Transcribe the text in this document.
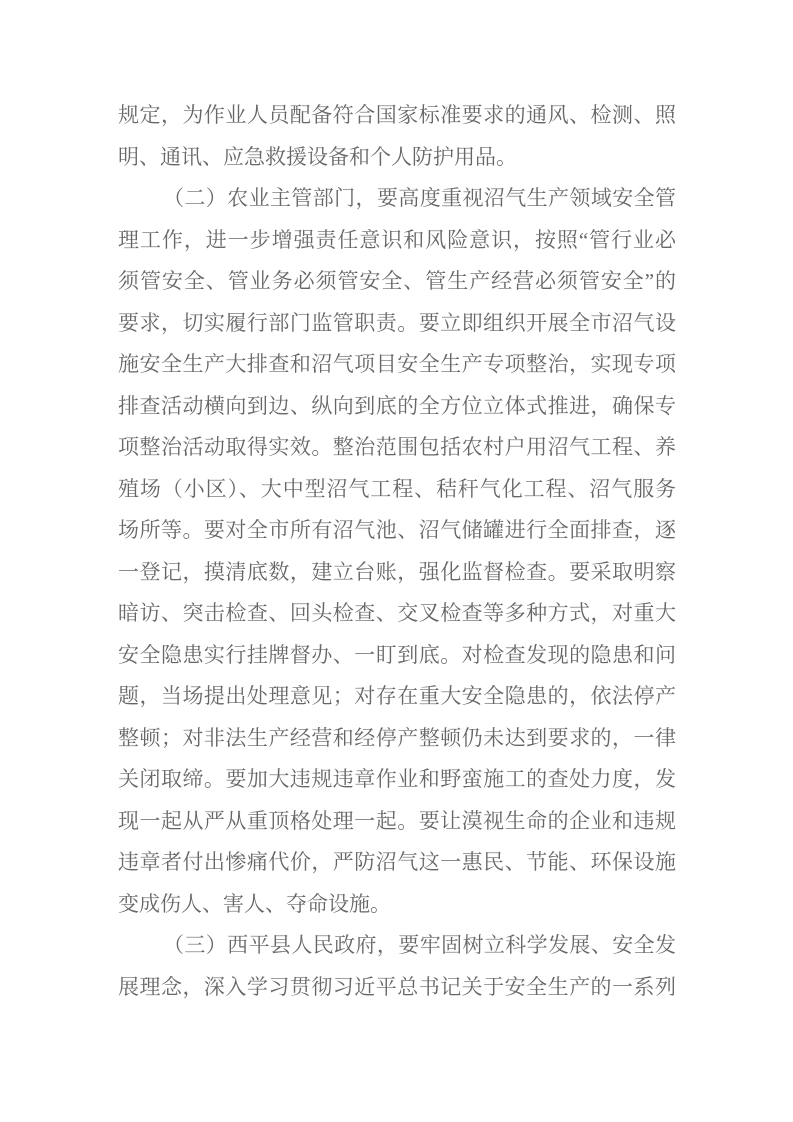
规定，为作业人员配备符合国家标准要求的通风、检测、照
明、通讯、应急救援设备和个人防护用品。
（二）农业主管部门，要高度重视沼气生产领域安全管
理工作，进一步增强责任意识和风险意识，按照“管行业必
须管安全、管业务必须管安全、管生产经营必须管安全”的
要求，切实履行部门监管职责。要立即组织开展全市沼气设
施安全生产大排查和沼气项目安全生产专项整治，实现专项
排查活动横向到边、纵向到底的全方位立体式推进，确保专
项整治活动取得实效。整治范围包括农村户用沼气工程、养
殖场（小区）、大中型沼气工程、秸秆气化工程、沼气服务
场所等。要对全市所有沼气池、沼气储罐进行全面排查，逐
一登记，摸清底数，建立台账，强化监督检查。要采取明察
暗访、突击检查、回头检查、交叉检查等多种方式，对重大
安全隐患实行挂牌督办、一盯到底。对检查发现的隐患和问
题，当场提出处理意见；对存在重大安全隐患的，依法停产
整顿；对非法生产经营和经停产整顿仍未达到要求的，一律
关闭取缔。要加大违规违章作业和野蛮施工的查处力度，发
现一起从严从重顶格处理一起。要让漠视生命的企业和违规
违章者付出惨痛代价，严防沼气这一惠民、节能、环保设施
变成伤人、害人、夺命设施。
（三）西平县人民政府，要牢固树立科学发展、安全发
展理念，深入学习贯彻习近平总书记关于安全生产的一系列
